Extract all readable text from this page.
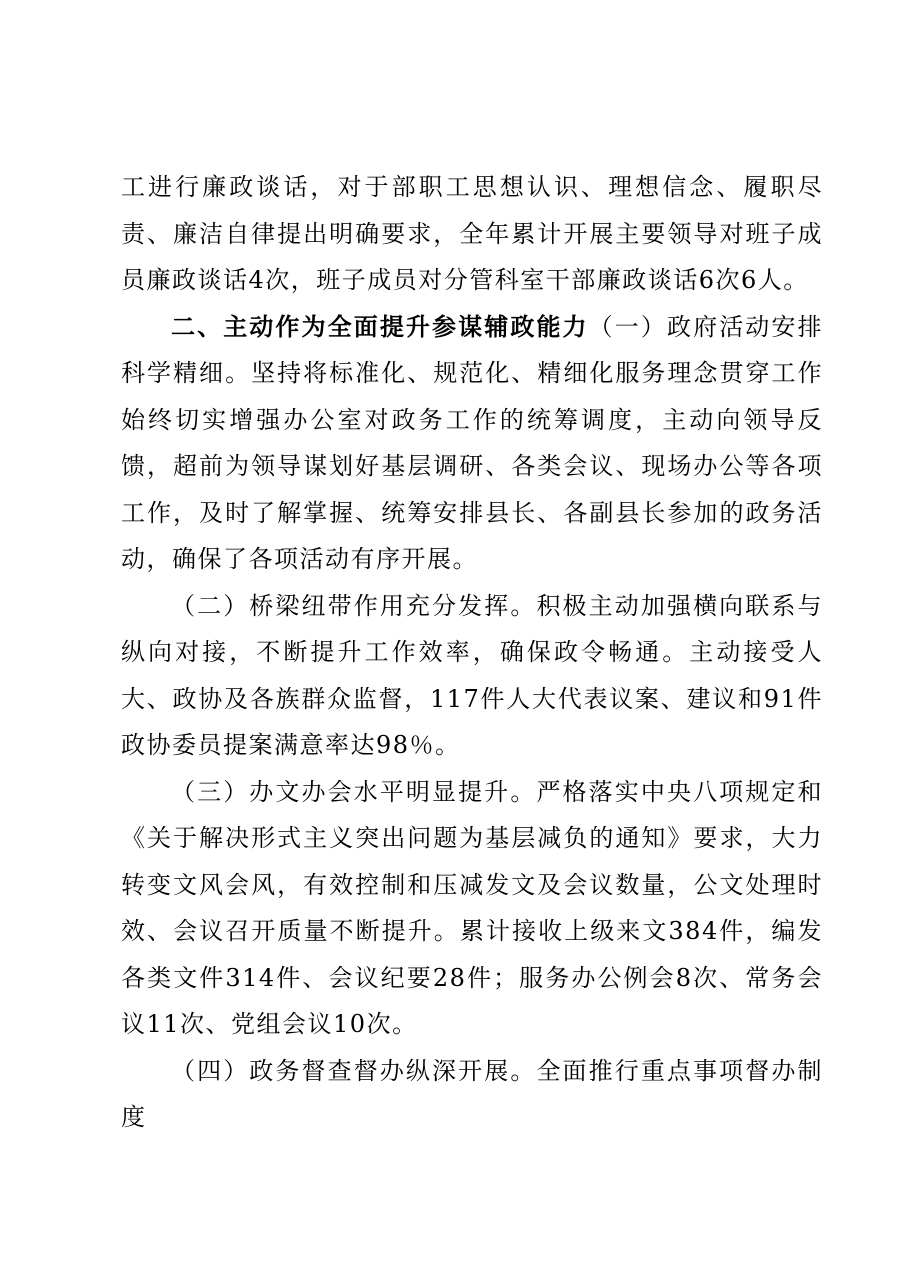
工进行廉政谈话，对于部职工思想认识、理想信念、履职尽责、廉洁自律提出明确要求，全年累计开展主要领导对班子成员廉政谈话4次，班子成员对分管科室干部廉政谈话6次6人。

二、主动作为全面提升参谋辅政能力（一）政府活动安排科学精细。坚持将标准化、规范化、精细化服务理念贯穿工作始终切实增强办公室对政务工作的统筹调度，主动向领导反馈，超前为领导谋划好基层调研、各类会议、现场办公等各项工作，及时了解掌握、统筹安排县长、各副县长参加的政务活动，确保了各项活动有序开展。

（二）桥梁纽带作用充分发挥。积极主动加强横向联系与纵向对接，不断提升工作效率，确保政令畅通。主动接受人大、政协及各族群众监督，117件人大代表议案、建议和91件政协委员提案满意率达98％。

（三）办文办会水平明显提升。严格落实中央八项规定和《关于解决形式主义突出问题为基层减负的通知》要求，大力转变文风会风，有效控制和压减发文及会议数量，公文处理时效、会议召开质量不断提升。累计接收上级来文384件，编发各类文件314件、会议纪要28件；服务办公例会8次、常务会议11次、党组会议10次。

（四）政务督查督办纵深开展。全面推行重点事项督办制度
